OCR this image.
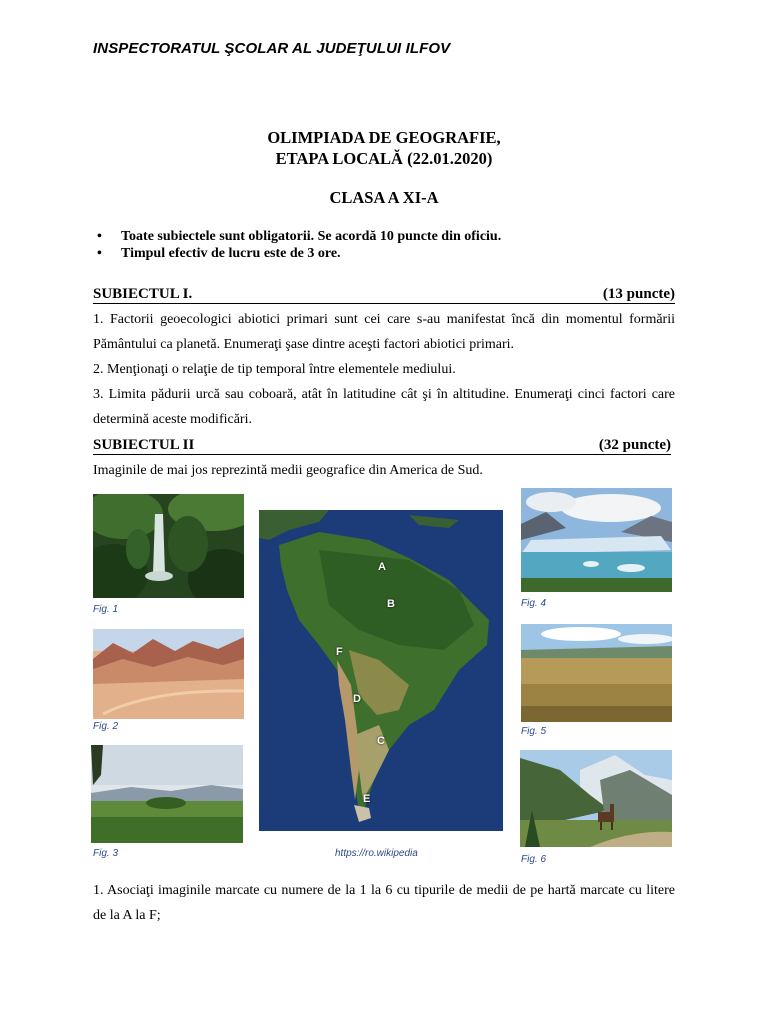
INSPECTORATUL ŞCOLAR AL JUDEŢULUI ILFOV
OLIMPIADA DE GEOGRAFIE,
ETAPA LOCALĂ (22.01.2020)
CLASA A XI-A
• Toate subiectele sunt obligatorii. Se acordă 10 puncte din oficiu.
• Timpul efectiv de lucru este de 3 ore.
SUBIECTUL I.	(13 puncte)
1. Factorii geoecologici abiotici primari sunt cei care s-au manifestat încă din momentul formării Pământului ca planetă. Enumeraţi şase dintre aceşti factori abiotici primari.
2. Menţionaţi o relaţie de tip temporal între elementele mediului.
3. Limita pădurii urcă sau coboară, atât în latitudine cât şi în altitudine. Enumeraţi cinci factori care determină aceste modificări.
SUBIECTUL II	(32 puncte)
Imaginile de mai jos reprezintă medii geografice din America de Sud.
Fig. 1
Fig. 2
Fig. 3
A
B
C
D
E
F
https://ro.wikipedia
Fig. 4
Fig. 5
Fig. 6
1. Asociaţi imaginile marcate cu numere de la 1 la 6 cu tipurile de medii de pe hartă marcate cu litere de la A la F;
